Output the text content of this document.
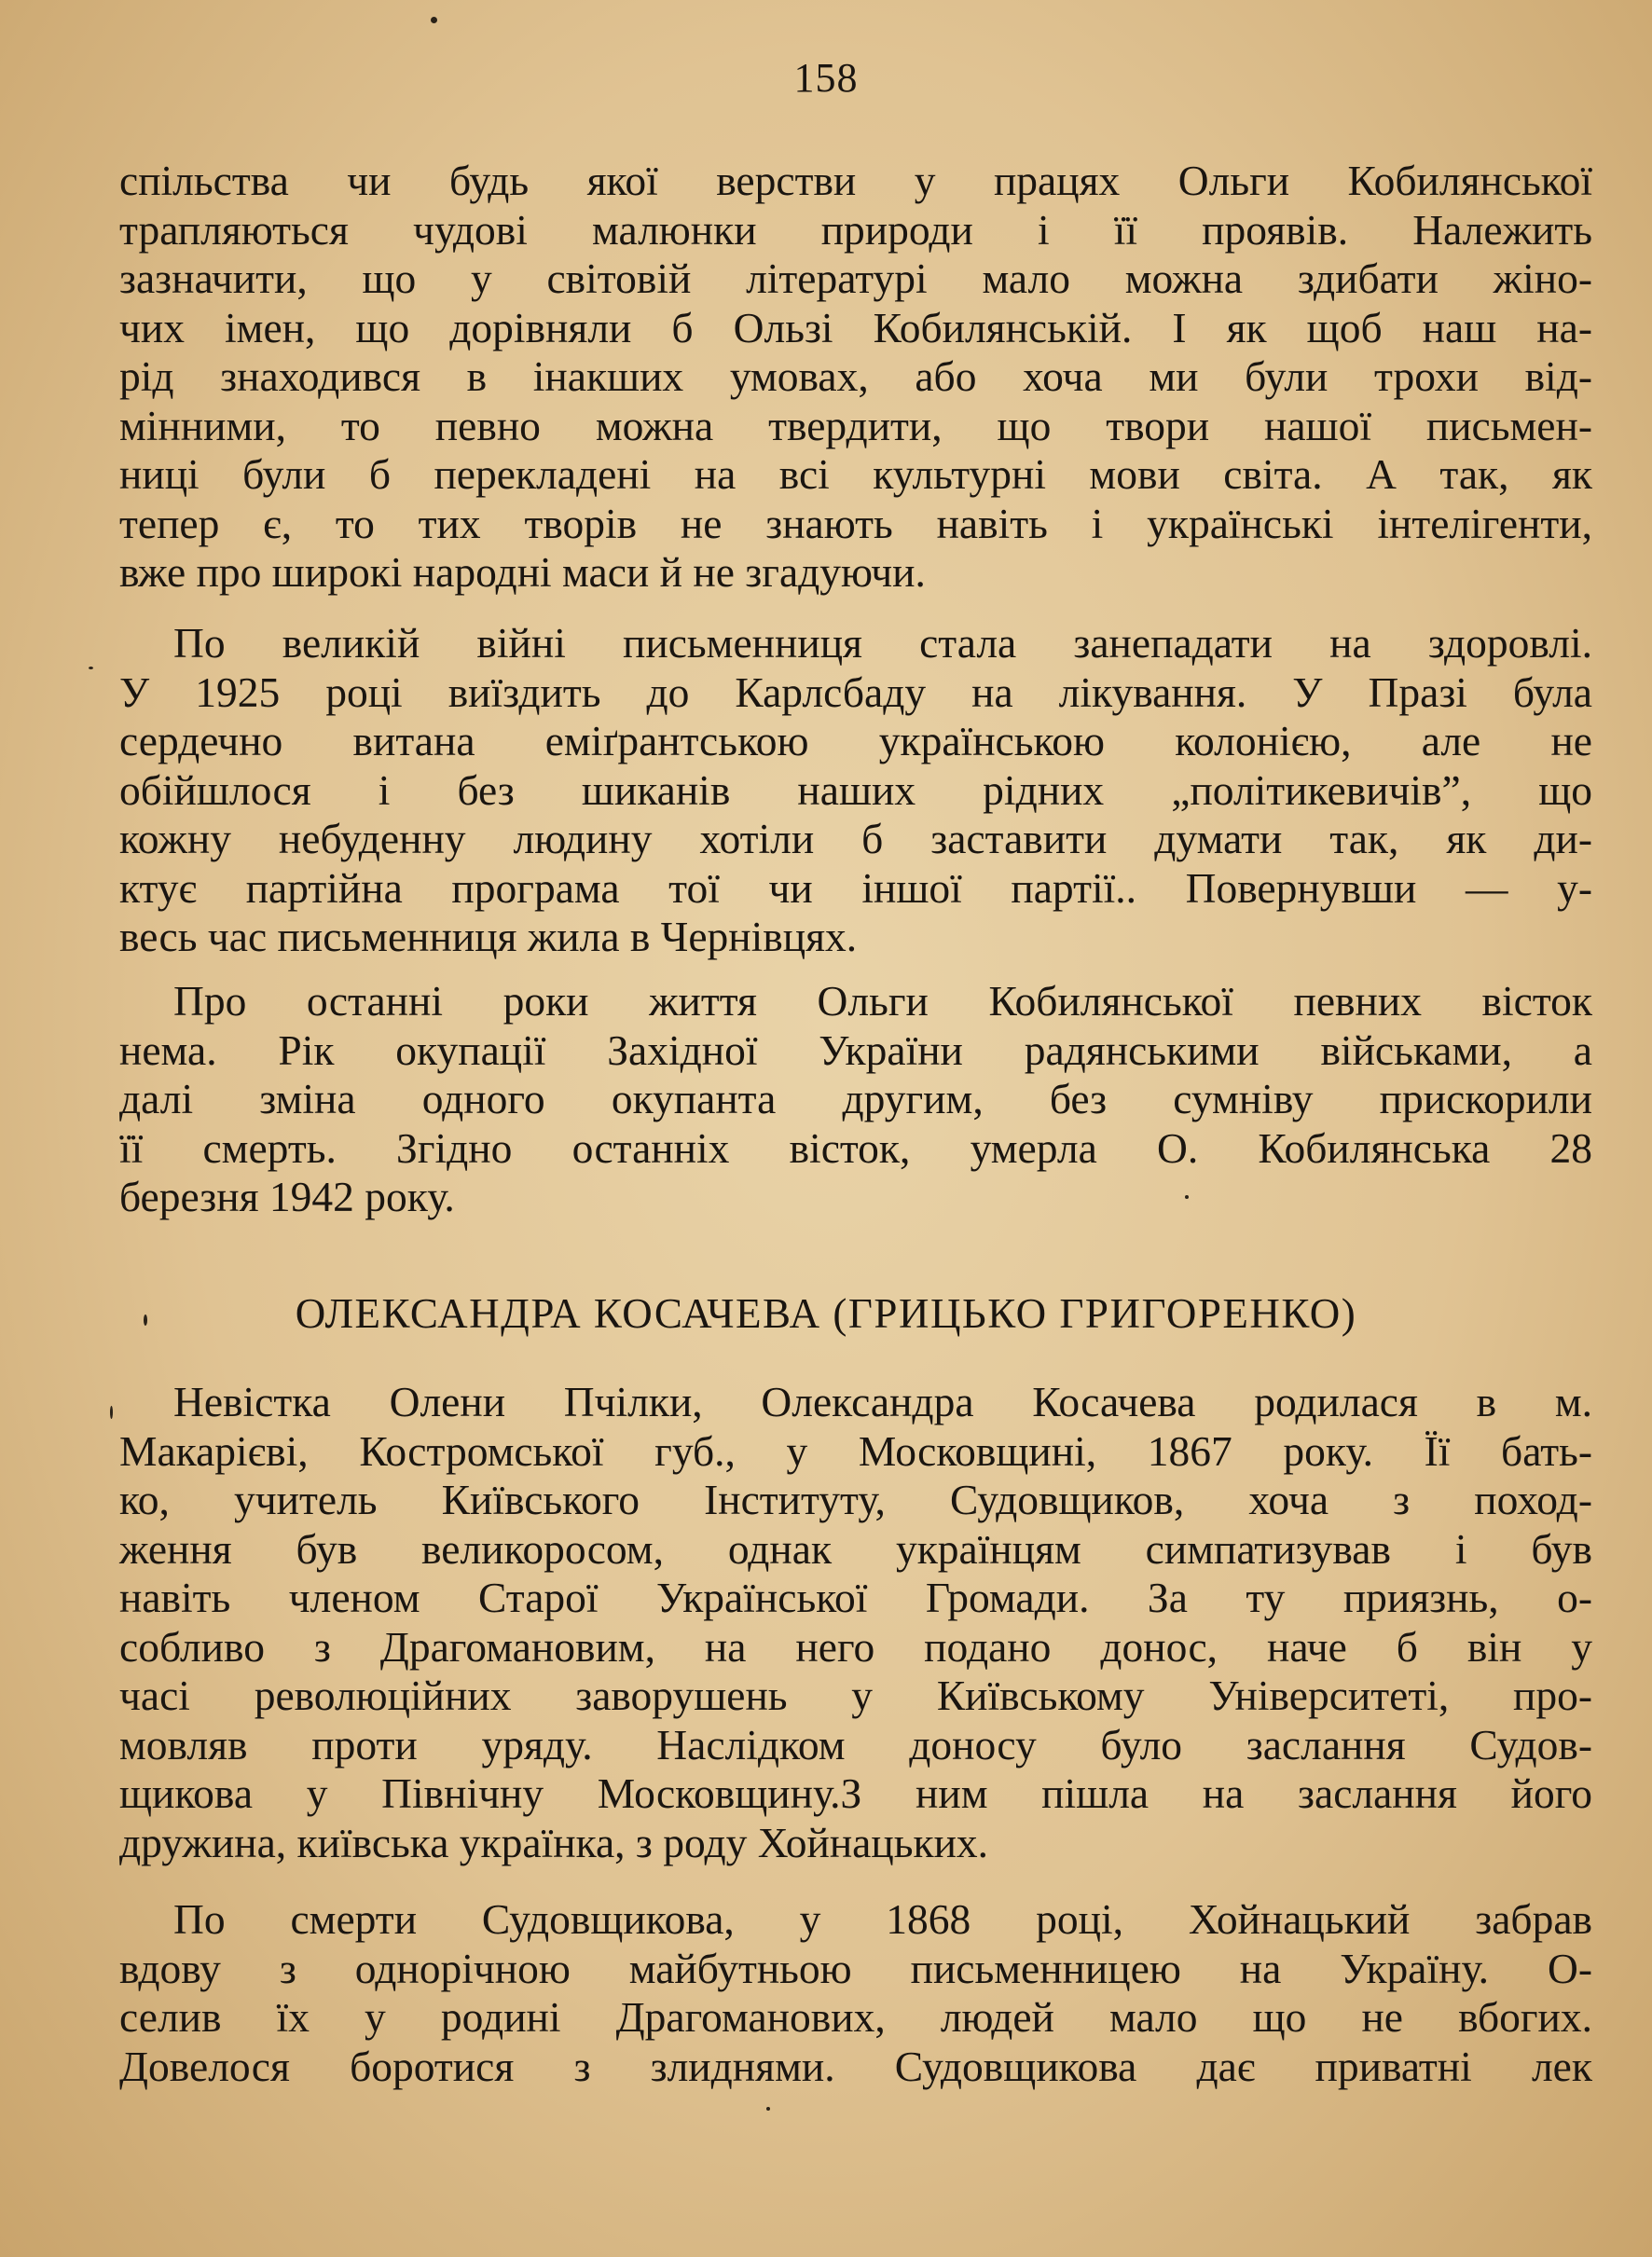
158
спільства чи будь якої верстви у працях Ольги Кобилянської
трапляються чудові малюнки природи і її проявів. Належить
зазначити, що у світовій літературі мало можна здибати жіно-
чих імен, що дорівняли б Ользі Кобилянській. І як щоб наш на-
рід знаходився в інакших умовах, або хоча ми були трохи від-
мінними, то певно можна твердити, що твори нашої письмен-
ниці були б перекладені на всі культурні мови світа. А так, як
тепер є, то тих творів не знають навіть і українські інтелігенти,
вже про широкі народні маси й не згадуючи.
По великій війні письменниця стала занепадати на здоровлі.
У 1925 році виїздить до Карлсбаду на лікування. У Празі була
сердечно витана еміґрантською українською колонією, але не
обійшлося і без шиканів наших рідних „політикевичів”, що
кожну небуденну людину хотіли б заставити думати так, як ди-
ктує партійна програма тої чи іншої партії.. Повернувши — у-
весь час письменниця жила в Чернівцях.
Про останні роки життя Ольги Кобилянської певних вісток
нема. Рік окупації Західної України радянськими військами, а
далі зміна одного окупанта другим, без сумніву прискорили
її смерть. Згідно останніх вісток, умерла О. Кобилянська 28
березня 1942 року.
ОЛЕКСАНДРА КОСАЧЕВА (ГРИЦЬКО ГРИГОРЕНКО)
Невістка Олени Пчілки, Олександра Косачева родилася в м.
Макарієві, Костромської губ., у Московщині, 1867 року. Її бать-
ко, учитель Київського Інституту, Судовщиков, хоча з поход-
ження був великоросом, однак українцям симпатизував і був
навіть членом Старої Української Громади. За ту приязнь, о-
собливо з Драгомановим, на него подано донос, наче б він у
часі революційних заворушень у Київському Університеті, про-
мовляв проти уряду. Наслідком доносу було заслання Судов-
щикова у Північну Московщину.З ним пішла на заслання його
дружина, київська українка, з роду Хойнацьких.
По смерти Судовщикова, у 1868 році, Хойнацький забрав
вдову з однорічною майбутньою письменницею на Україну. О-
селив їх у родині Драгоманових, людей мало що не вбогих.
Довелося боротися з злиднями. Судовщикова дає приватні лек
